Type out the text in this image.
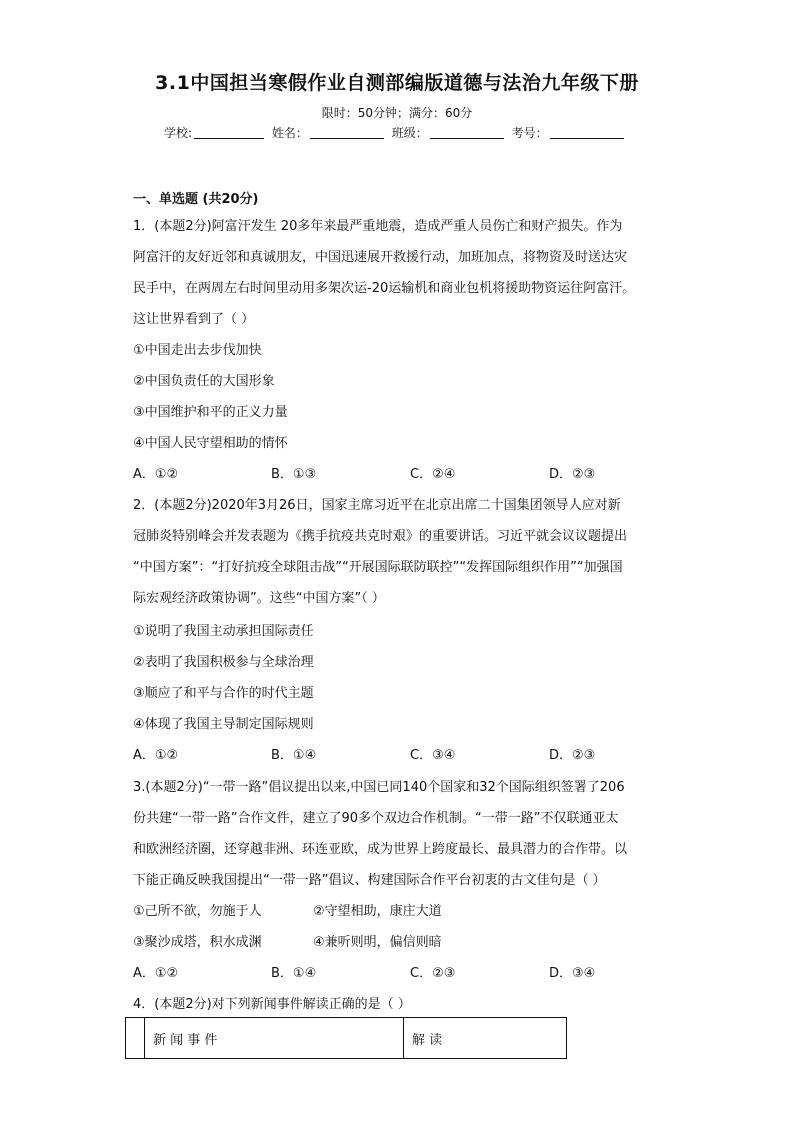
3.1中国担当寒假作业自测部编版道德与法治九年级下册
限时：50分钟；满分：60分
学校:	姓名：	班级：	考号：
一、单选题 (共20分)
1．(本题2分)阿富汗发生 20多年来最严重地震，造成严重人员伤亡和财产损失。作为
阿富汗的友好近邻和真诚朋友，中国迅速展开救援行动，加班加点，将物资及时送达灾
民手中，在两周左右时间里动用多架次运-20运输机和商业包机将援助物资运往阿富汗。
这让世界看到了（ ）
①中国走出去步伐加快
②中国负责任的大国形象
③中国维护和平的正义力量
④中国人民守望相助的情怀
A．①②	B．①③	C．②④	D．②③
2．(本题2分)2020年3月26日，国家主席习近平在北京出席二十国集团领导人应对新
冠肺炎特别峰会并发表题为《携手抗疫共克时艰》的重要讲话。习近平就会议议题提出
“中国方案”：“打好抗疫全球阻击战”“开展国际联防联控”“发挥国际组织作用”“加强国
际宏观经济政策协调”。这些“中国方案”（ ）
①说明了我国主动承担国际责任
②表明了我国积极参与全球治理
③顺应了和平与合作的时代主题
④体现了我国主导制定国际规则
A．①②	B．①④	C．③④	D．②③
3.(本题2分)“一带一路”倡议提出以来,中国已同140个国家和32个国际组织签署了206
份共建“一带一路”合作文件，建立了90多个双边合作机制。“一带一路”不仅联通亚太
和欧洲经济圈，还穿越非洲、环连亚欧，成为世界上跨度最长、最具潜力的合作带。以
下能正确反映我国提出“一带一路”倡议、构建国际合作平台初衷的古文佳句是（ ）
①己所不欲，勿施于人	②守望相助，康庄大道
③聚沙成塔，积水成渊	④兼听则明，偏信则暗
A．①②	B．①④	C．②③	D．③④
4．(本题2分)对下列新闻事件解读正确的是（ ）
	新 闻 事 件	解 读
